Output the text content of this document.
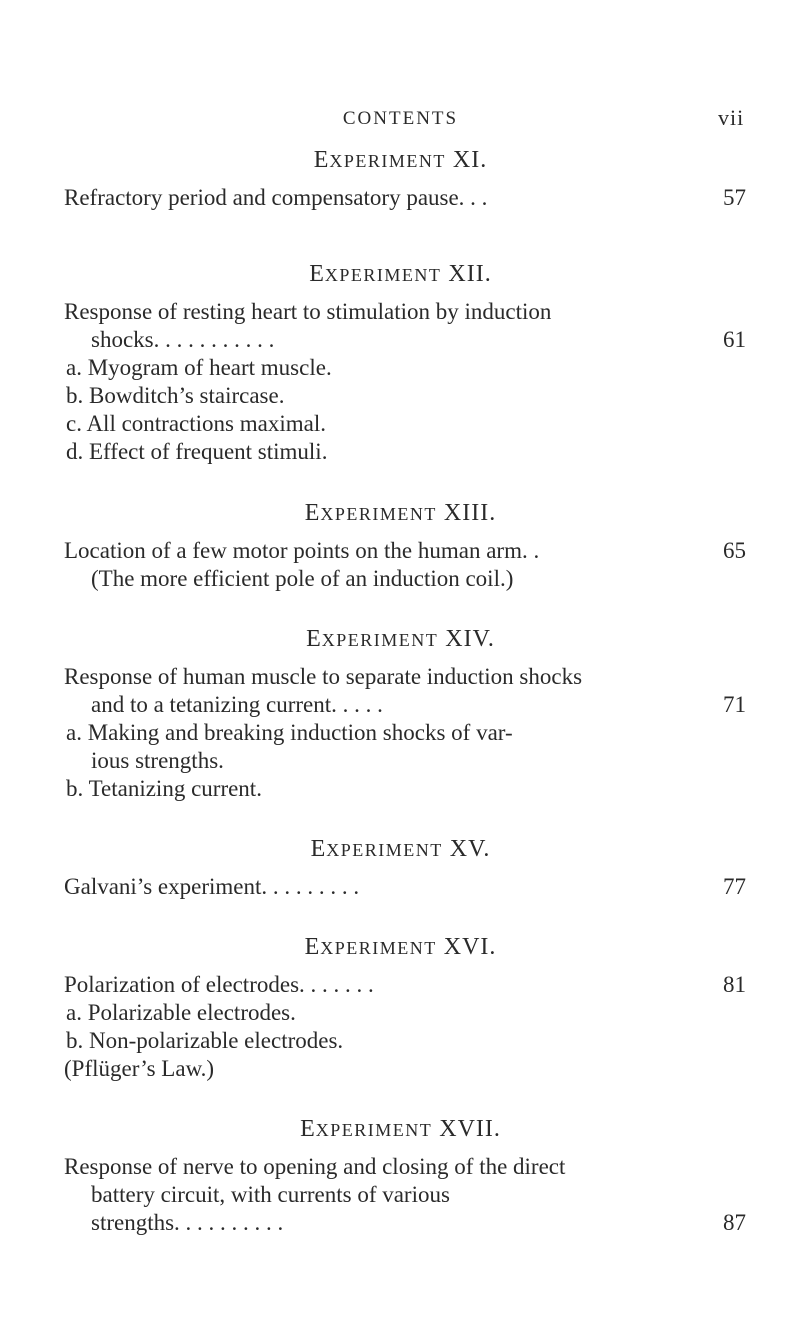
CONTENTS	vii
EXPERIMENT XI.
Refractory period and compensatory pause. . .	57
EXPERIMENT XII.
Response of resting heart to stimulation by induction
shocks. . . . . . . . . . .	61
a. Myogram of heart muscle.
b. Bowditch’s staircase.
c. All contractions maximal.
d. Effect of frequent stimuli.
EXPERIMENT XIII.
Location of a few motor points on the human arm. .	65
(The more efficient pole of an induction coil.)
EXPERIMENT XIV.
Response of human muscle to separate induction shocks
and to a tetanizing current. . . . .	71
a. Making and breaking induction shocks of var-
ious strengths.
b. Tetanizing current.
EXPERIMENT XV.
Galvani’s experiment. . . . . . . . .	77
EXPERIMENT XVI.
Polarization of electrodes. . . . . . .	81
a. Polarizable electrodes.
b. Non-polarizable electrodes.
(Pflüger’s Law.)
EXPERIMENT XVII.
Response of nerve to opening and closing of the direct
battery circuit, with currents of various
strengths. . . . . . . . . .	87
